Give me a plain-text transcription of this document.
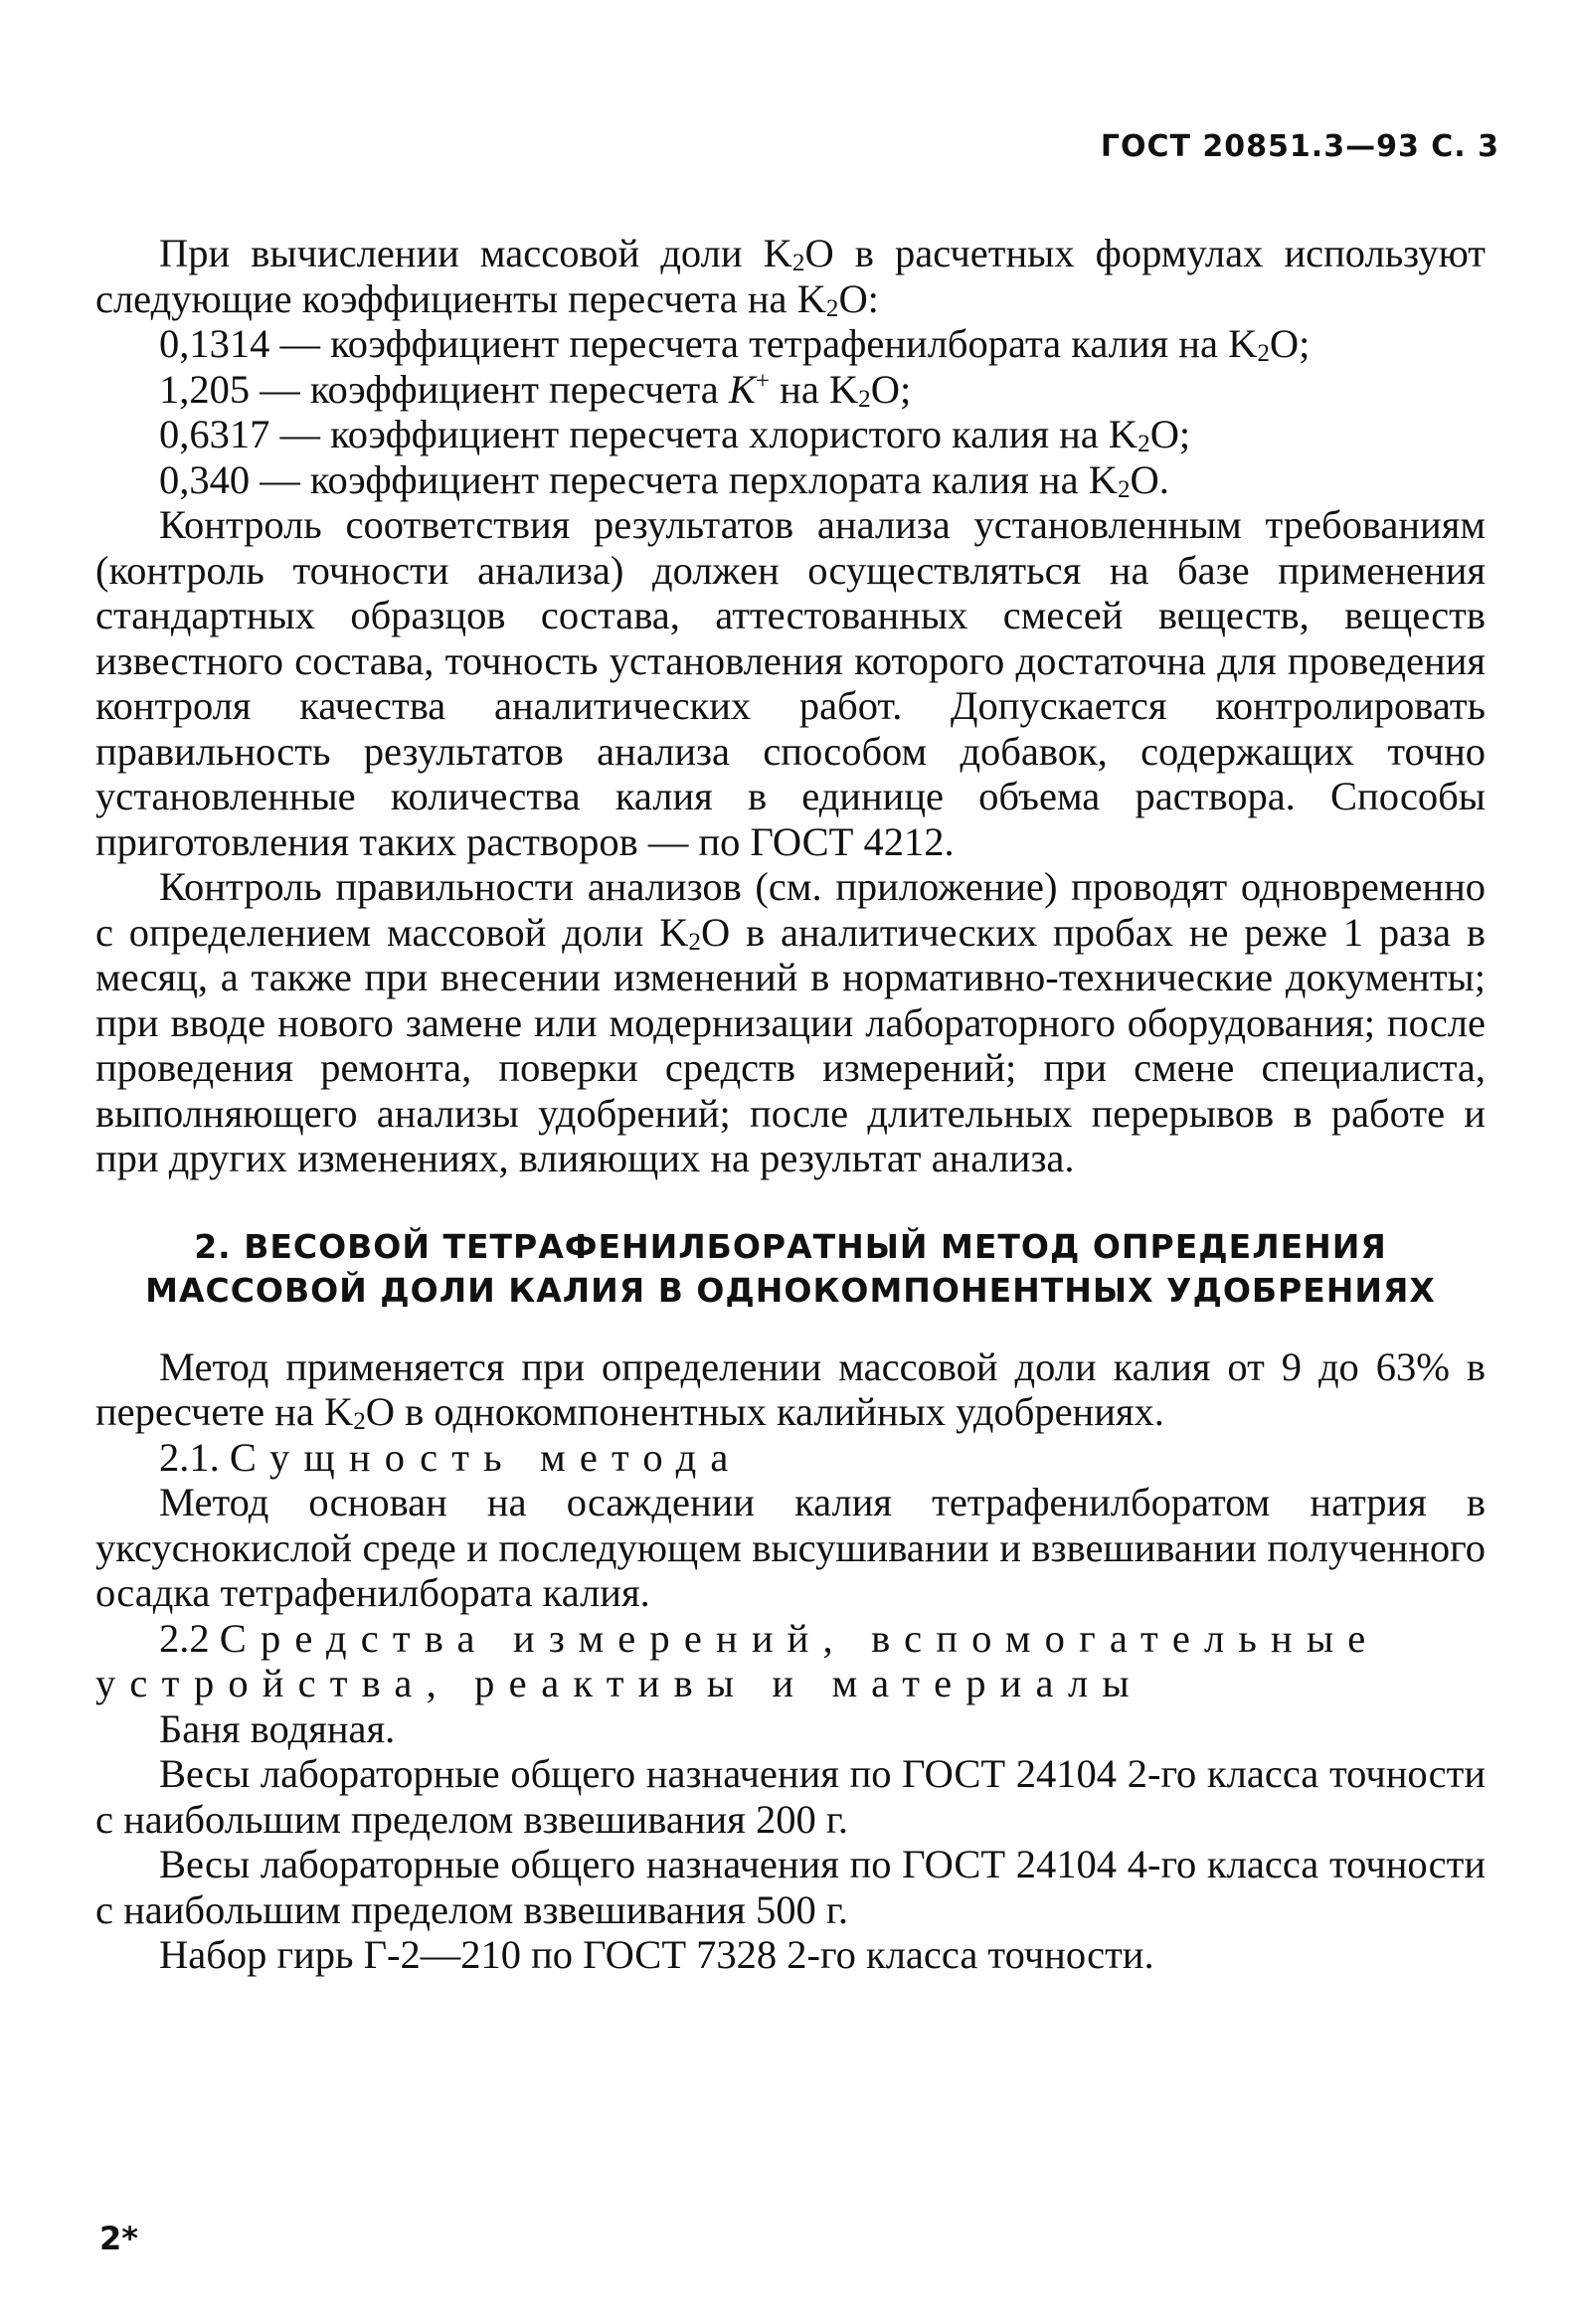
ГОСТ 20851.3—93 С. 3

При вычислении массовой доли K2O в расчетных формулах используют следующие коэффициенты пересчета на K2O:

0,1314 — коэффициент пересчета тетрафенилбората калия на K2O;

1,205 — коэффициент пересчета K+ на K2O;

0,6317 — коэффициент пересчета хлористого калия на K2O;

0,340 — коэффициент пересчета перхлората калия на K2O.

Контроль соответствия результатов анализа установленным требованиям (контроль точности анализа) должен осуществляться на базе применения стандартных образцов состава, аттестованных смесей веществ, веществ известного состава, точность установления которого достаточна для проведения контроля качества аналитических работ. Допускается контролировать правильность результатов анализа способом добавок, содержащих точно установленные количества калия в единице объема раствора. Способы приготовления таких растворов — по ГОСТ 4212.

Контроль правильности анализов (см. приложение) проводят одновременно с определением массовой доли K2O в аналитических пробах не реже 1 раза в месяц, а также при внесении изменений в нормативно-технические документы; при вводе нового замене или модернизации лабораторного оборудования; после проведения ремонта, поверки средств измерений; при смене специалиста, выполняющего анализы удобрений; после длительных перерывов в работе и при других изменениях, влияющих на результат анализа.

2. ВЕСОВОЙ ТЕТРАФЕНИЛБОРАТНЫЙ МЕТОД ОПРЕДЕЛЕНИЯ
МАССОВОЙ ДОЛИ КАЛИЯ В ОДНОКОМПОНЕНТНЫХ УДОБРЕНИЯХ

Метод применяется при определении массовой доли калия от 9 до 63% в пересчете на K2O в однокомпонентных калийных удобрениях.

2.1. Сущность метода

Метод основан на осаждении калия тетрафенилборатом натрия в уксуснокислой среде и последующем высушивании и взвешивании полученного осадка тетрафенилбората калия.

2.2 Средства измерений, вспомогательные устройства, реактивы и материалы

Баня водяная.

Весы лабораторные общего назначения по ГОСТ 24104 2-го класса точности с наибольшим пределом взвешивания 200 г.

Весы лабораторные общего назначения по ГОСТ 24104 4-го класса точности с наибольшим пределом взвешивания 500 г.

Набор гирь Г-2—210 по ГОСТ 7328 2-го класса точности.

2*
